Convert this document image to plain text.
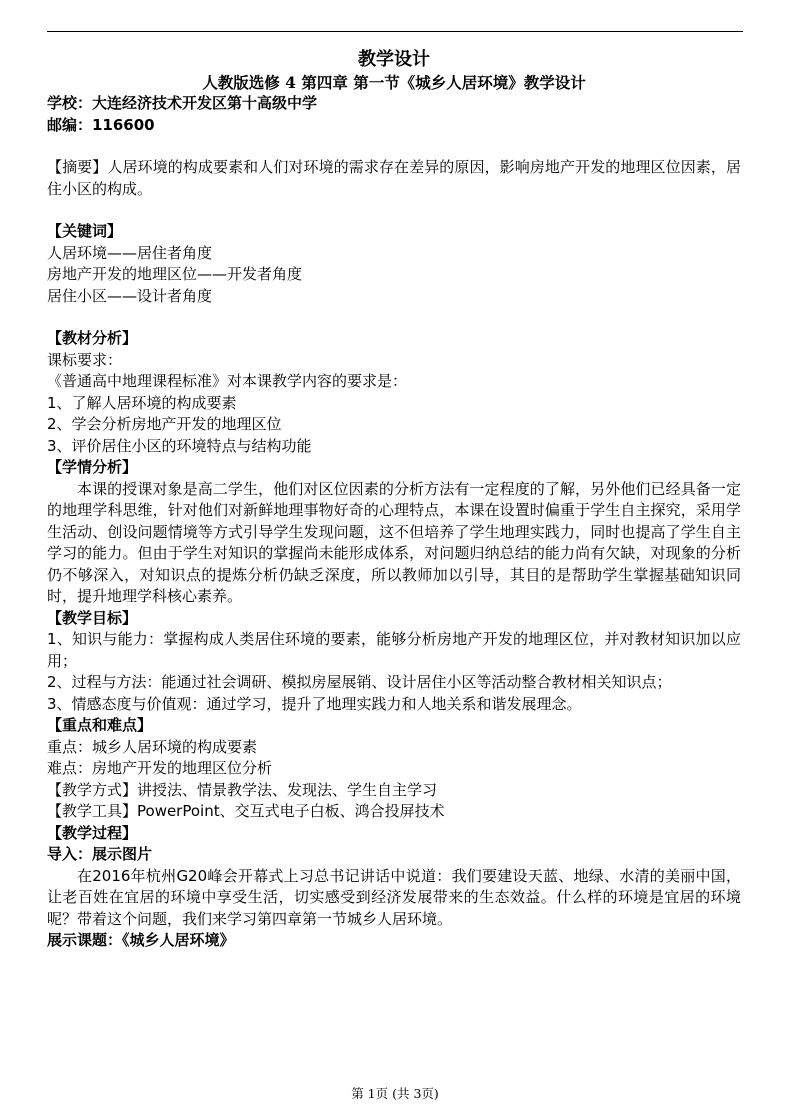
教学设计
人教版选修 4 第四章 第一节《城乡人居环境》教学设计
学校：大连经济技术开发区第十高级中学
邮编：116600
【摘要】人居环境的构成要素和人们对环境的需求存在差异的原因，影响房地产开发的地理区位因素，居住小区的构成。
【关键词】
人居环境——居住者角度
房地产开发的地理区位——开发者角度
居住小区——设计者角度
【教材分析】
课标要求：
《普通高中地理课程标准》对本课教学内容的要求是：
1、了解人居环境的构成要素
2、学会分析房地产开发的地理区位
3、评价居住小区的环境特点与结构功能
【学情分析】
本课的授课对象是高二学生，他们对区位因素的分析方法有一定程度的了解，另外他们已经具备一定的地理学科思维，针对他们对新鲜地理事物好奇的心理特点，本课在设置时偏重于学生自主探究，采用学生活动、创设问题情境等方式引导学生发现问题，这不但培养了学生地理实践力，同时也提高了学生自主学习的能力。但由于学生对知识的掌握尚未能形成体系，对问题归纳总结的能力尚有欠缺，对现象的分析仍不够深入，对知识点的提炼分析仍缺乏深度，所以教师加以引导，其目的是帮助学生掌握基础知识同时，提升地理学科核心素养。
【教学目标】
1、知识与能力：掌握构成人类居住环境的要素，能够分析房地产开发的地理区位，并对教材知识加以应用；
2、过程与方法：能通过社会调研、模拟房屋展销、设计居住小区等活动整合教材相关知识点；
3、情感态度与价值观：通过学习，提升了地理实践力和人地关系和谐发展理念。
【重点和难点】
重点：城乡人居环境的构成要素
难点：房地产开发的地理区位分析
【教学方式】讲授法、情景教学法、发现法、学生自主学习
【教学工具】PowerPoint、交互式电子白板、鸿合投屏技术
【教学过程】
导入：展示图片
在2016年杭州G20峰会开幕式上习总书记讲话中说道：我们要建设天蓝、地绿、水清的美丽中国，让老百姓在宜居的环境中享受生活，切实感受到经济发展带来的生态效益。什么样的环境是宜居的环境呢？带着这个问题，我们来学习第四章第一节城乡人居环境。
展示课题：《城乡人居环境》
第 1页 (共 3页)
